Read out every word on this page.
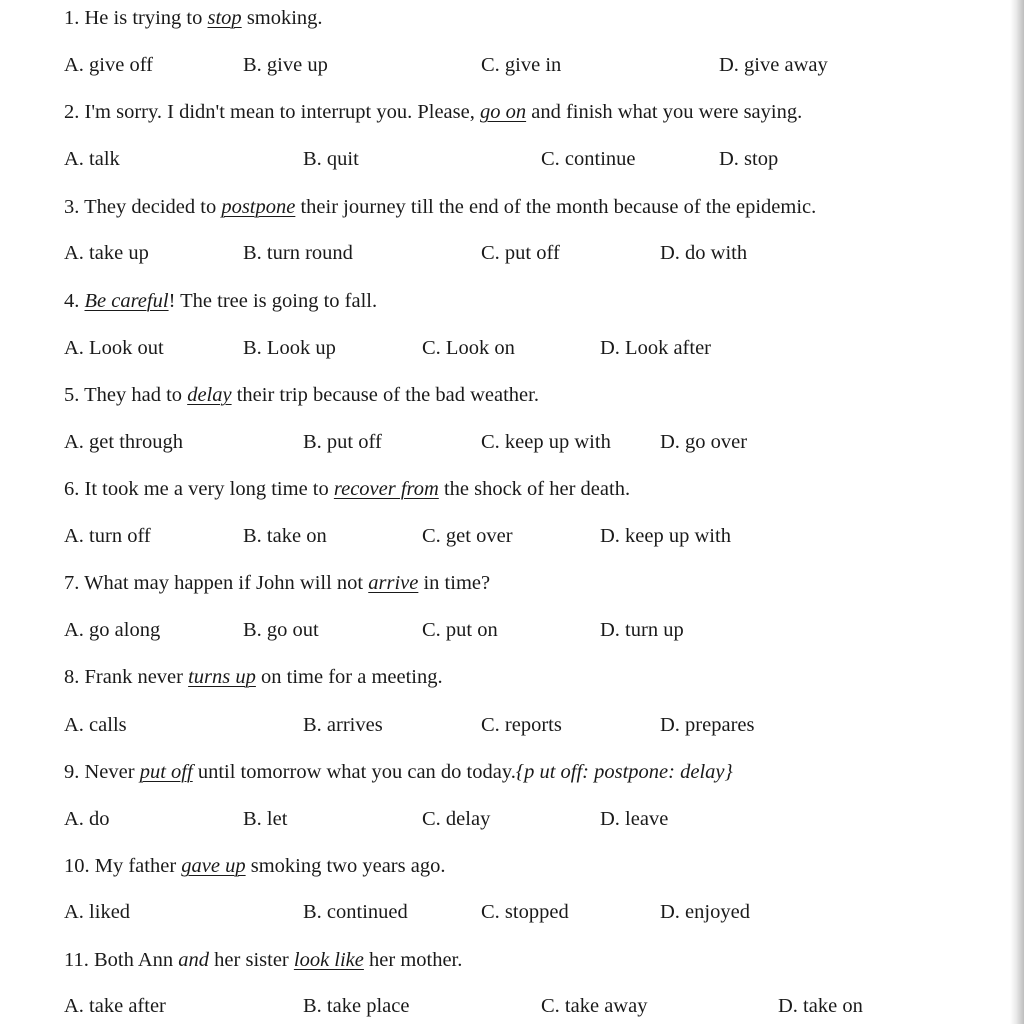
1. He is trying to stop smoking.
A. give off	B. give up	C. give in	D. give away
2. I'm sorry. I didn't mean to interrupt you. Please, go on and finish what you were saying.
A. talk	B. quit	C. continue	D. stop
3. They decided to postpone their journey till the end of the month because of the epidemic.
A. take up	B. turn round	C. put off	D. do with
4. Be careful! The tree is going to fall.
A. Look out	B. Look up	C. Look on	D. Look after
5. They had to delay their trip because of the bad weather.
A. get through	B. put off	C. keep up with D. go over
6. It took me a very long time to recover from the shock of her death.
A. turn off	B. take on	C. get over	D. keep up with
7. What may happen if John will not arrive in time?
A. go along	B. go out	C. put on	D. turn up
8. Frank never turns up on time for a meeting.
A. calls	B. arrives	C. reports	D. prepares
9. Never put off until tomorrow what you can do today.{p ut off: postpone: delay}
A. do	B. let	C. delay	D. leave
10. My father gave up smoking two years ago.
A. liked	B. continued	C. stopped	D. enjoyed
11. Both Ann and her sister look like her mother.
A. take after	B. take place	C. take away	D. take on
